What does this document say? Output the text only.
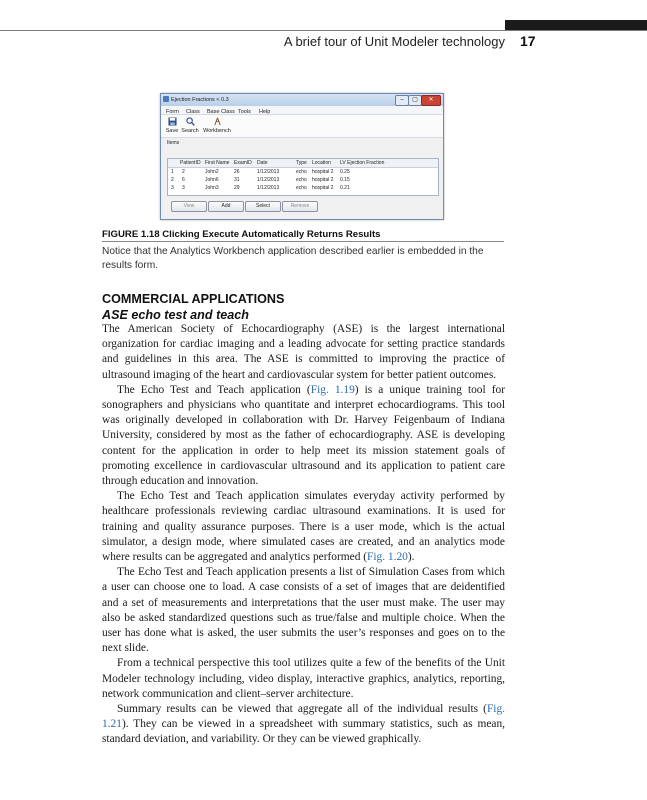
A brief tour of Unit Modeler technology 17
Ejection Fractions < 0.3	–	▢	✕
Form Class Base Class Tools Help
Save Search Workbench
Items
PatientID First Name ExamID Date	Type Location LV Ejection Fraction
1 2	John2	26	1/12/2013	echo hospital 2 0.25
2 6	John6	31	1/12/2013	echo hospital 2 0.15
3 3	John3	29	1/12/2013	echo hospital 2 0.21
View	Add	Select	Remove
FIGURE 1.18 Clicking Execute Automatically Returns Results
Notice that the Analytics Workbench application described earlier is embedded in the results form.
COMMERCIAL APPLICATIONS
ASE echo test and teach

The American Society of Echocardiography (ASE) is the largest international organization for cardiac imaging and a leading advocate for setting practice standards and guidelines in this area. The ASE is committed to improving the practice of ultrasound imaging of the heart and cardiovascular system for better patient outcomes.

The Echo Test and Teach application (Fig. 1.19) is a unique training tool for sonographers and physicians who quantitate and interpret echocardiograms. This tool was originally developed in collaboration with Dr. Harvey Feigenbaum of Indiana University, considered by most as the father of echocardiography. ASE is developing content for the application in order to help meet its mission statement goals of promoting excellence in cardiovascular ultrasound and its application to patient care through education and innovation.

The Echo Test and Teach application simulates everyday activity performed by healthcare professionals reviewing cardiac ultrasound examinations. It is used for training and quality assurance purposes. There is a user mode, which is the actual simulator, a design mode, where simulated cases are created, and an analytics mode where results can be aggregated and analytics performed (Fig. 1.20).

The Echo Test and Teach application presents a list of Simulation Cases from which a user can choose one to load. A case consists of a set of images that are deidentified and a set of measurements and interpretations that the user must make. The user may also be asked standardized questions such as true/false and multiple choice. When the user has done what is asked, the user submits the user’s responses and goes on to the next slide.

From a technical perspective this tool utilizes quite a few of the benefits of the Unit Modeler technology including, video display, interactive graphics, analytics, reporting, network communication and client–server architecture.

Summary results can be viewed that aggregate all of the individual results (Fig. 1.21). They can be viewed in a spreadsheet with summary statistics, such as mean, standard deviation, and variability. Or they can be viewed graphically.
